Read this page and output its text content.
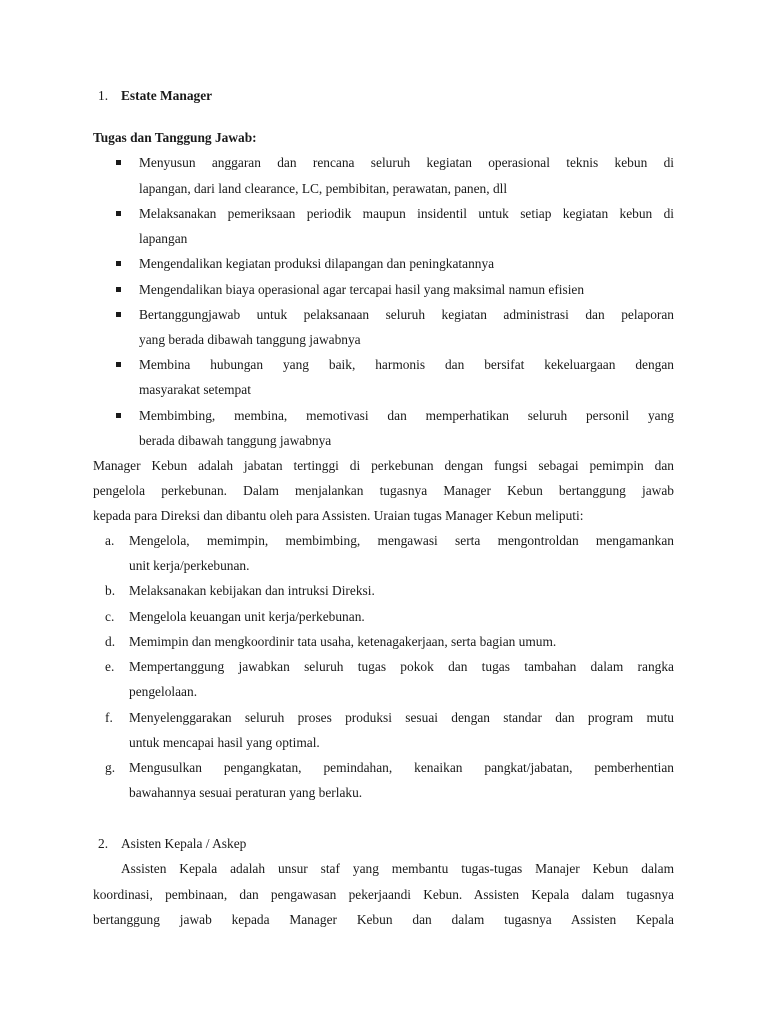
1. Estate Manager
Tugas dan Tanggung Jawab:
Menyusun anggaran dan rencana seluruh kegiatan operasional teknis kebun di
lapangan, dari land clearance, LC, pembibitan, perawatan, panen, dll
Melaksanakan pemeriksaan periodik maupun insidentil untuk setiap kegiatan kebun di
lapangan
Mengendalikan kegiatan produksi dilapangan dan peningkatannya
Mengendalikan biaya operasional agar tercapai hasil yang maksimal namun efisien
Bertanggungjawab untuk pelaksanaan seluruh kegiatan administrasi dan pelaporan
yang berada dibawah tanggung jawabnya
Membina hubungan yang baik, harmonis dan bersifat kekeluargaan dengan
masyarakat setempat
Membimbing, membina, memotivasi dan memperhatikan seluruh personil yang
berada dibawah tanggung jawabnya
Manager Kebun adalah jabatan tertinggi di perkebunan dengan fungsi sebagai pemimpin dan
pengelola perkebunan. Dalam menjalankan tugasnya Manager Kebun bertanggung jawab
kepada para Direksi dan dibantu oleh para Assisten. Uraian tugas Manager Kebun meliputi:
a. Mengelola, memimpin, membimbing, mengawasi serta mengontroldan mengamankan
unit kerja/perkebunan.
b. Melaksanakan kebijakan dan intruksi Direksi.
c. Mengelola keuangan unit kerja/perkebunan.
d. Memimpin dan mengkoordinir tata usaha, ketenagakerjaan, serta bagian umum.
e. Mempertanggung jawabkan seluruh tugas pokok dan tugas tambahan dalam rangka
pengelolaan.
f. Menyelenggarakan seluruh proses produksi sesuai dengan standar dan program mutu
untuk mencapai hasil yang optimal.
g. Mengusulkan pengangkatan, pemindahan, kenaikan pangkat/jabatan, pemberhentian
bawahannya sesuai peraturan yang berlaku.
2. Asisten Kepala / Askep
Assisten Kepala adalah unsur staf yang membantu tugas-tugas Manajer Kebun dalam
koordinasi, pembinaan, dan pengawasan pekerjaandi Kebun. Assisten Kepala dalam tugasnya
bertanggung jawab kepada Manager Kebun dan dalam tugasnya Assisten Kepala
